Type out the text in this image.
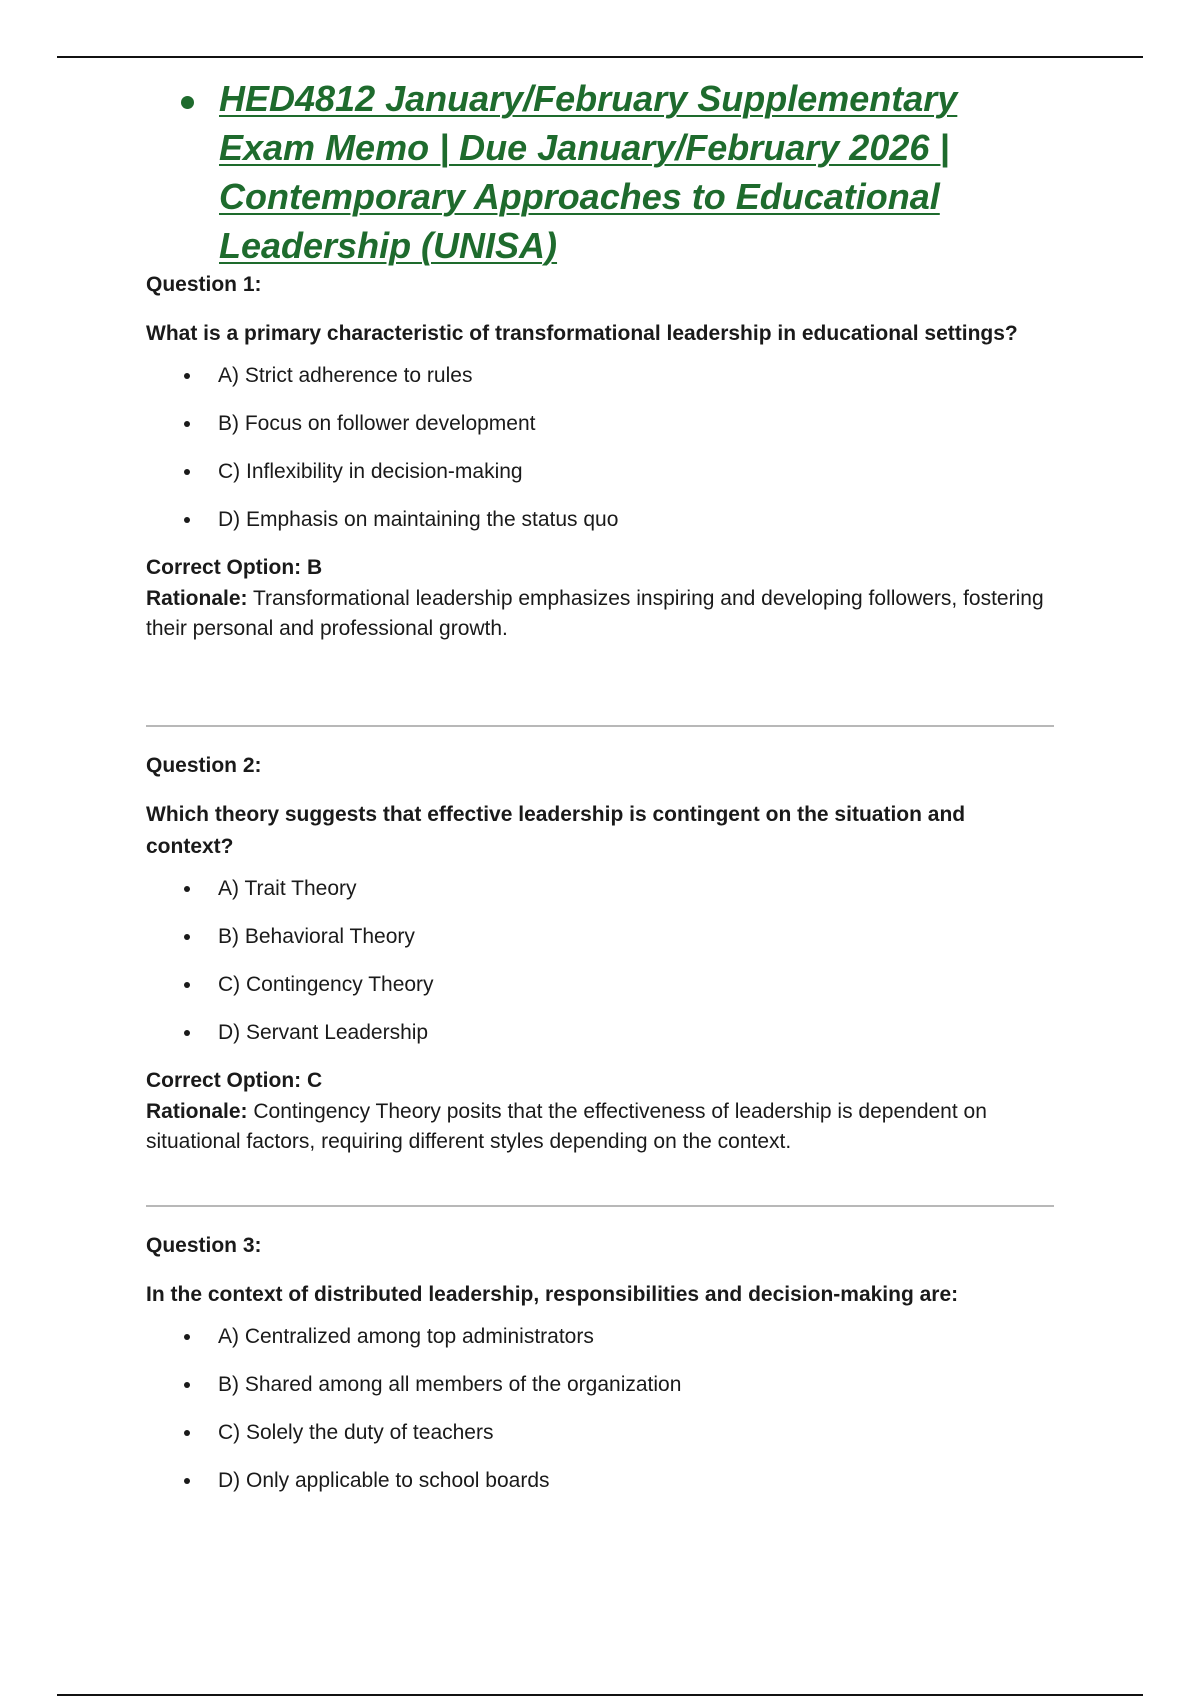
HED4812 January/February Supplementary Exam Memo | Due January/February 2026 | Contemporary Approaches to Educational Leadership (UNISA)

Question 1:

What is a primary characteristic of transformational leadership in educational settings?

A) Strict adherence to rules
B) Focus on follower development
C) Inflexibility in decision-making
D) Emphasis on maintaining the status quo

Correct Option: B

Rationale: Transformational leadership emphasizes inspiring and developing followers, fostering their personal and professional growth.

Question 2:

Which theory suggests that effective leadership is contingent on the situation and context?

A) Trait Theory
B) Behavioral Theory
C) Contingency Theory
D) Servant Leadership

Correct Option: C

Rationale: Contingency Theory posits that the effectiveness of leadership is dependent on situational factors, requiring different styles depending on the context.

Question 3:

In the context of distributed leadership, responsibilities and decision-making are:

A) Centralized among top administrators
B) Shared among all members of the organization
C) Solely the duty of teachers
D) Only applicable to school boards
